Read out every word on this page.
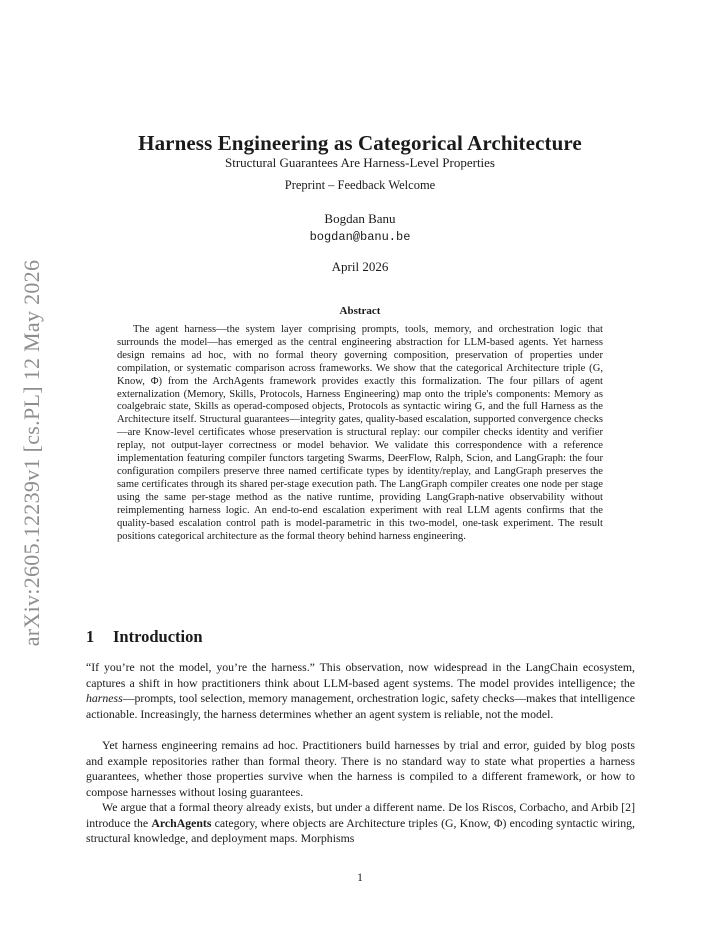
arXiv:2605.12239v1 [cs.PL] 12 May 2026
Harness Engineering as Categorical Architecture
Structural Guarantees Are Harness-Level Properties
Preprint – Feedback Welcome
Bogdan Banu
bogdan@banu.be
April 2026
Abstract

The agent harness—the system layer comprising prompts, tools, memory, and orchestration logic that surrounds the model—has emerged as the central engineering abstraction for LLM-based agents. Yet harness design remains ad hoc, with no formal theory governing composition, preservation of properties under compilation, or systematic comparison across frameworks. We show that the categorical Architecture triple (G, Know, Φ) from the ArchAgents framework provides exactly this formalization. The four pillars of agent externalization (Memory, Skills, Protocols, Harness Engineering) map onto the triple's components: Memory as coalgebraic state, Skills as operad-composed objects, Protocols as syntactic wiring G, and the full Harness as the Architecture itself. Structural guarantees—integrity gates, quality-based escalation, supported convergence checks—are Know-level certificates whose preservation is structural replay: our compiler checks identity and verifier replay, not output-layer correctness or model behavior. We validate this correspondence with a reference implementation featuring compiler functors targeting Swarms, DeerFlow, Ralph, Scion, and LangGraph: the four configuration compilers preserve three named certificate types by identity/replay, and LangGraph preserves the same certificates through its shared per-stage execution path. The LangGraph compiler creates one node per stage using the same per-stage method as the native runtime, providing LangGraph-native observability without reimplementing harness logic. An end-to-end escalation experiment with real LLM agents confirms that the quality-based escalation control path is model-parametric in this two-model, one-task experiment. The result positions categorical architecture as the formal theory behind harness engineering.

1 Introduction

“If you’re not the model, you’re the harness.” This observation, now widespread in the LangChain ecosystem, captures a shift in how practitioners think about LLM-based agent systems. The model provides intelligence; the harness—prompts, tool selection, memory management, orchestration logic, safety checks—makes that intelligence actionable. Increasingly, the harness determines whether an agent system is reliable, not the model.

Yet harness engineering remains ad hoc. Practitioners build harnesses by trial and error, guided by blog posts and example repositories rather than formal theory. There is no standard way to state what properties a harness guarantees, whether those properties survive when the harness is compiled to a different framework, or how to compose harnesses without losing guarantees.

We argue that a formal theory already exists, but under a different name. De los Riscos, Corbacho, and Arbib [2] introduce the ArchAgents category, where objects are Architecture triples (G, Know, Φ) encoding syntactic wiring, structural knowledge, and deployment maps. Morphisms

1
